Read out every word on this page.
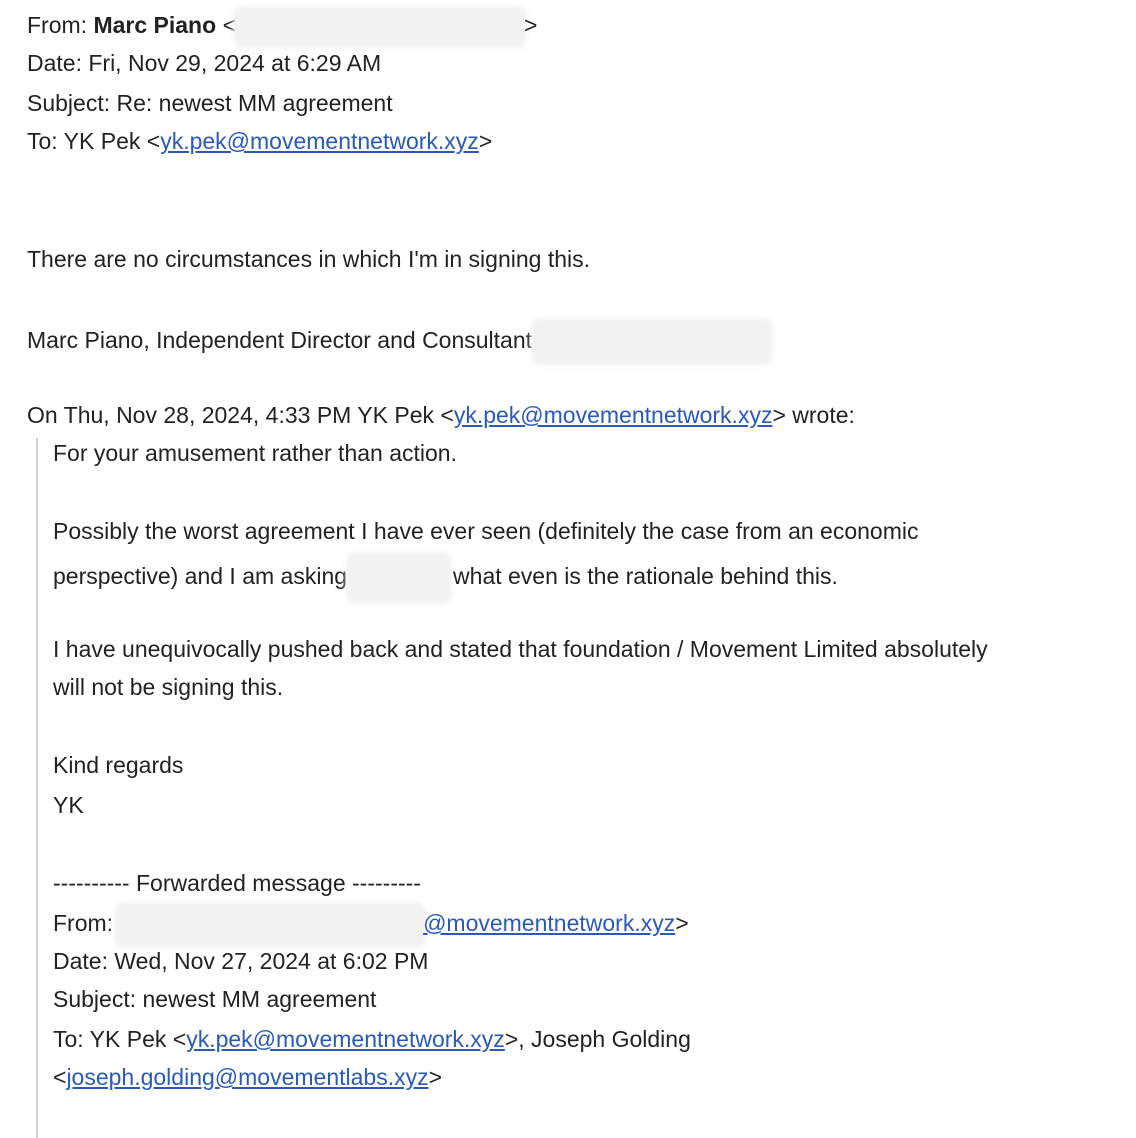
From: Marc Piano <	>
Date: Fri, Nov 29, 2024 at 6:29 AM
Subject: Re: newest MM agreement
To: YK Pek <yk.pek@movementnetwork.xyz>
There are no circumstances in which I'm in signing this.
Marc Piano, Independent Director and Consultant
On Thu, Nov 28, 2024, 4:33 PM YK Pek <yk.pek@movementnetwork.xyz> wrote:
For your amusement rather than action.
Possibly the worst agreement I have ever seen (definitely the case from an economic
perspective) and I am asking	what even is the rationale behind this.
I have unequivocally pushed back and stated that foundation / Movement Limited absolutely
will not be signing this.
Kind regards
YK
---------- Forwarded message ---------
From:	@movementnetwork.xyz>
Date: Wed, Nov 27, 2024 at 6:02 PM
Subject: newest MM agreement
To: YK Pek <yk.pek@movementnetwork.xyz>, Joseph Golding
<joseph.golding@movementlabs.xyz>
